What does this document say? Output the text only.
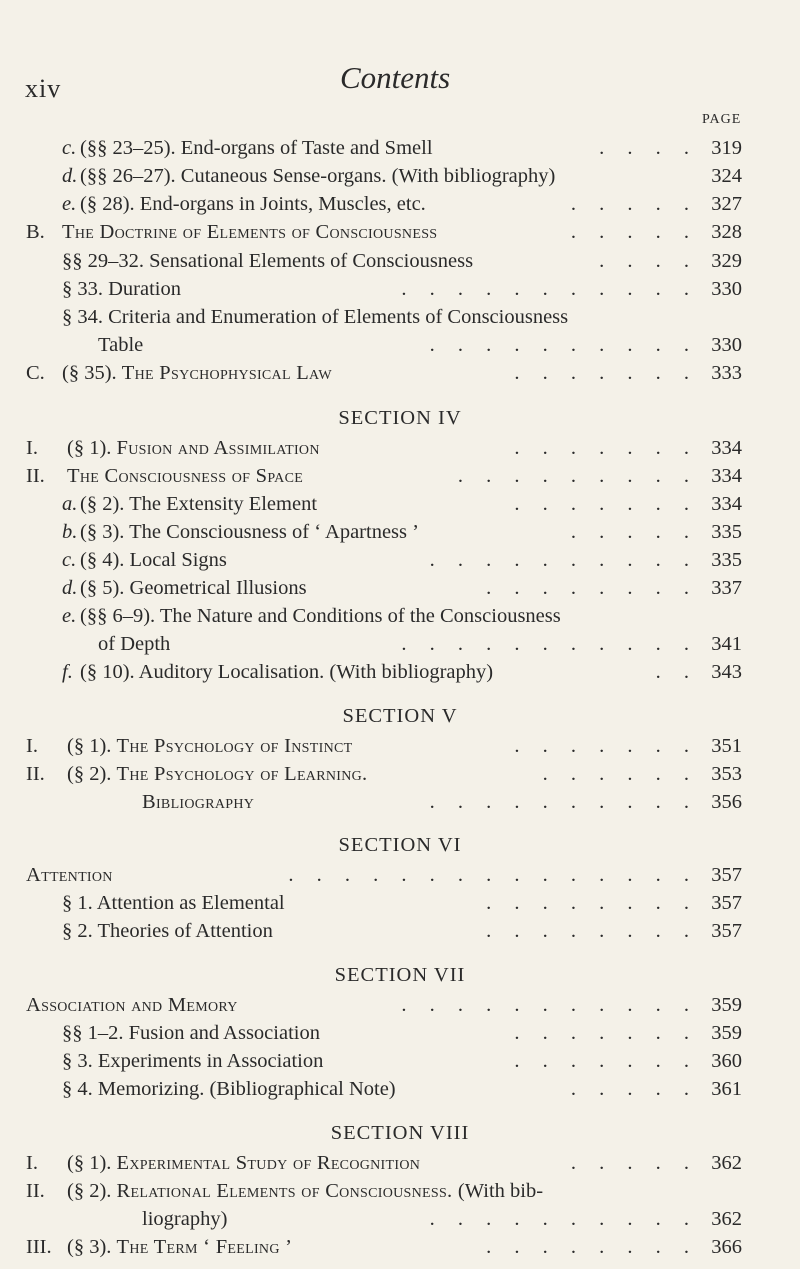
xiv	Contents
PAGE
c. (§§ 23–25). End-organs of Taste and Smell	. . . . 319
d. (§§ 26–27). Cutaneous Sense-organs. (With bibliography)	324
e. (§ 28). End-organs in Joints, Muscles, etc.	. . . . . 327
B. The Doctrine of Elements of Consciousness	. . . . . 328
§§ 29–32. Sensational Elements of Consciousness	. . . . 329
§ 33. Duration	. . . . . . . . . . . 330
§ 34. Criteria and Enumeration of Elements of Consciousness
Table	. . . . . . . . . . 330
C. (§ 35). The Psychophysical Law	. . . . . . . 333
SECTION IV
I. (§ 1). Fusion and Assimilation	. . . . . . . 334
II. The Consciousness of Space	. . . . . . . . . 334
a. (§ 2). The Extensity Element	. . . . . . . 334
b. (§ 3). The Consciousness of ‘ Apartness ’	. . . . . 335
c. (§ 4). Local Signs	. . . . . . . . . . 335
d. (§ 5). Geometrical Illusions	. . . . . . . . 337
e. (§§ 6–9). The Nature and Conditions of the Consciousness
of Depth	. . . . . . . . . . . 341
f. (§ 10). Auditory Localisation. (With bibliography)	. . 343
SECTION V
I. (§ 1). The Psychology of Instinct	. . . . . . . 351
II. (§ 2). The Psychology of Learning.	. . . . . . 353
Bibliography	. . . . . . . . . . 356
SECTION VI
Attention	. . . . . . . . . . . . . . . 357
§ 1. Attention as Elemental	. . . . . . . . 357
§ 2. Theories of Attention	. . . . . . . . 357
SECTION VII
Association and Memory	. . . . . . . . . . . 359
§§ 1–2. Fusion and Association	. . . . . . . 359
§ 3. Experiments in Association	. . . . . . . 360
§ 4. Memorizing. (Bibliographical Note)	. . . . . 361
SECTION VIII
I. (§ 1). Experimental Study of Recognition	. . . . . 362
II. (§ 2). Relational Elements of Consciousness. (With bib-
liography)	. . . . . . . . . . 362
III. (§ 3). The Term ‘ Feeling ’	. . . . . . . . 366
